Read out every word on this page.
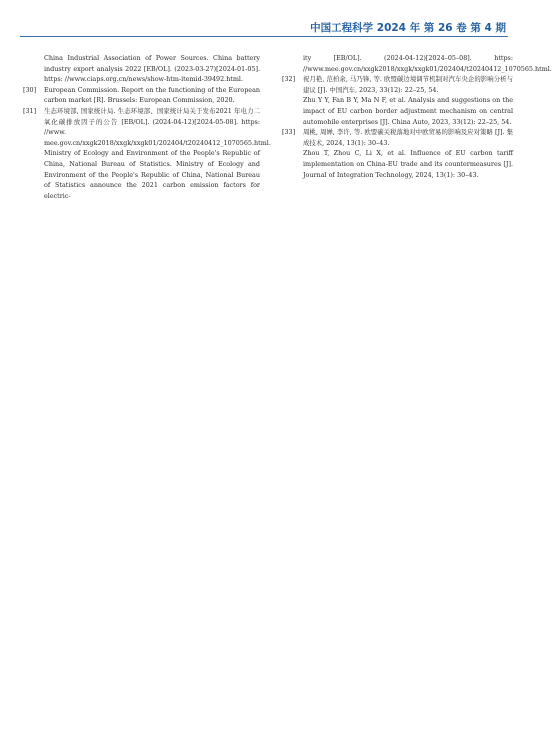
中国工程科学 2024 年 第 26 卷 第 4 期
China Industrial Association of Power Sources. China battery industry export analysis 2022 [EB/OL]. (2023-03-27)[2024-01-05]. https: //www.ciaps.org.cn/news/show-htm-itemid-39492.html.
[30] European Commission. Report on the functioning of the European carbon market [R]. Brussels: European Commission, 2020.
[31] 生态环境部, 国家统计局. 生态环境部、国家统计局关于发布2021 年电力二氧化碳排放因子的公告 [EB/OL]. (2024-04-12)[2024-05-08]. https: //www. mee.gov.cn/xxgk2018/xxgk/xxgk01/202404/t20240412_1070565.html.
Ministry of Ecology and Environment of the People's Republic of China, National Bureau of Statistics. Ministry of Ecology and Environment of the People's Republic of China, National Bureau of Statistics announce the 2021 carbon emission factors for electric-
ity [EB/OL]. (2024-04-12)[2024–05–08]. https: //www.mee.gov.cn/xxgk2018/xxgk/xxgk01/202404/t20240412_1070565.html.
[32] 祝月艳, 范柏余, 马乃锋, 等. 欧盟碳边境调节机制对汽车央企的影响分析与建议 [J]. 中国汽车, 2023, 33(12): 22–25, 54.
Zhu Y Y, Fan B Y, Ma N F, et al. Analysis and suggestions on the impact of EU carbon border adjustment mechanism on central automobile enterprises [J]. China Auto, 2023, 33(12): 22–25, 54.
[33] 周桃, 周婵, 李许, 等. 欧盟碳关税落地对中欧贸易的影响及应对策略 [J]. 集成技术, 2024, 13(1): 30–43.
Zhou T, Zhou C, Li X, et al. Influence of EU carbon tariff implementation on China-EU trade and its countermeasures [J]. Journal of Integration Technology, 2024, 13(1): 30–43.
